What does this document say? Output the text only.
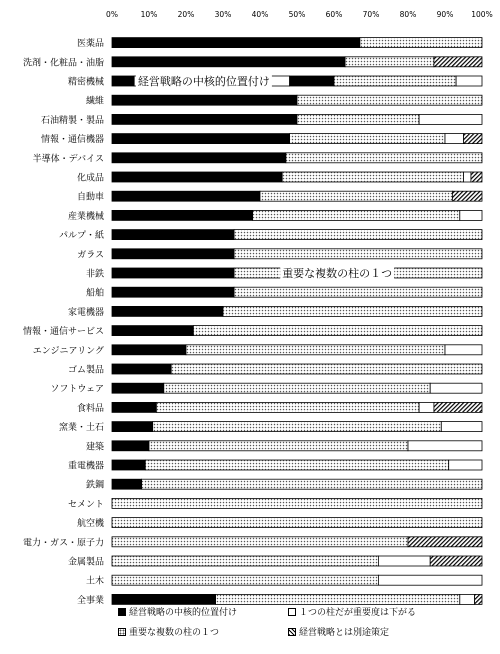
0%	10%	20%	30%	40%	50%	60%	70%	80%	90% 100%
医薬品
洗剤・化粧品・油脂
精密機械
繊維
石油精製・製品
情報・通信機器
半導体・デバイス
化成品
自動車
産業機械
パルプ・紙
ガラス
非鉄
船舶
家電機器
情報・通信サービス
エンジニアリング
ゴム製品
ソフトウェア
食料品
窯業・土石
建築
重電機器
鉄鋼
セメント
航空機
電力・ガス・原子力
金属製品
土木
全事業
経営戦略の中核的位置付け
重要な複数の柱の１つ
経営戦略の中核的位置付け	１つの柱だが重要度は下がる
重要な複数の柱の１つ	経営戦略とは別途策定
